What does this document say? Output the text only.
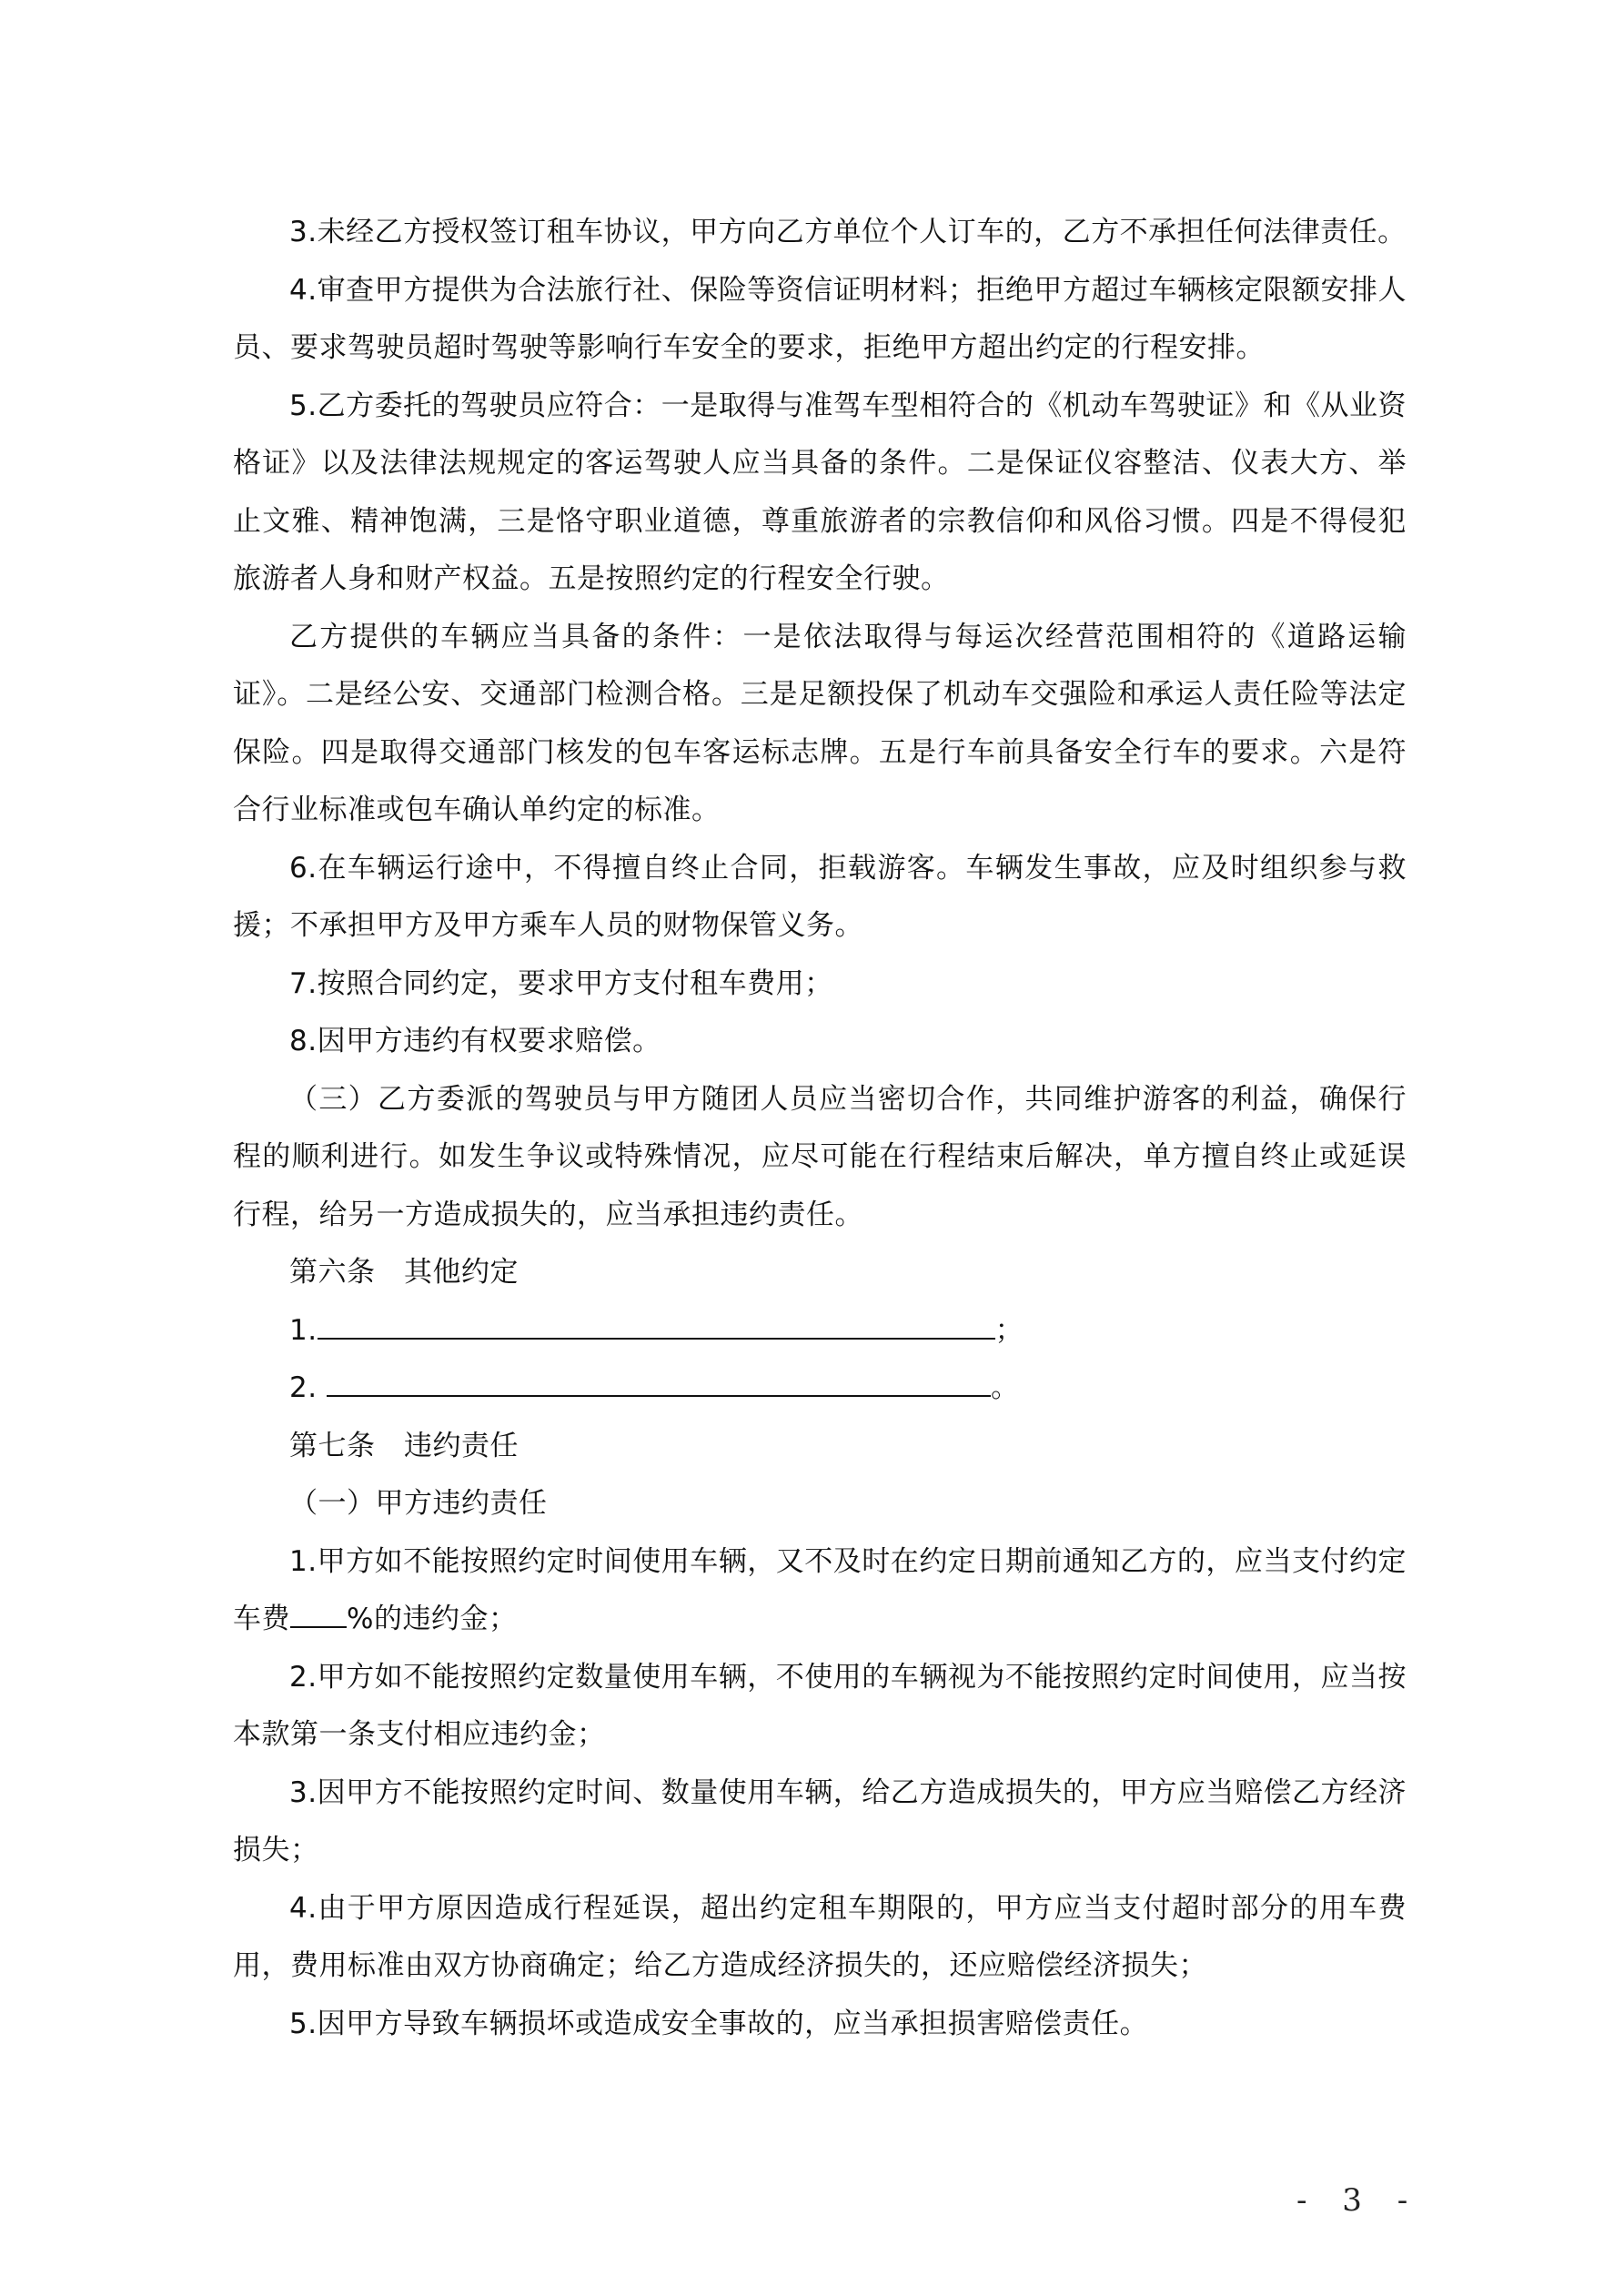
3.未经乙方授权签订租车协议，甲方向乙方单位个人订车的，乙方不承担任何法律责任。

4.审查甲方提供为合法旅行社、保险等资信证明材料；拒绝甲方超过车辆核定限额安排人员、要求驾驶员超时驾驶等影响行车安全的要求，拒绝甲方超出约定的行程安排。

5.乙方委托的驾驶员应符合：一是取得与准驾车型相符合的《机动车驾驶证》和《从业资格证》以及法律法规规定的客运驾驶人应当具备的条件。二是保证仪容整洁、仪表大方、举止文雅、精神饱满，三是恪守职业道德，尊重旅游者的宗教信仰和风俗习惯。四是不得侵犯旅游者人身和财产权益。五是按照约定的行程安全行驶。

乙方提供的车辆应当具备的条件：一是依法取得与每运次经营范围相符的《道路运输证》。二是经公安、交通部门检测合格。三是足额投保了机动车交强险和承运人责任险等法定保险。四是取得交通部门核发的包车客运标志牌。五是行车前具备安全行车的要求。六是符合行业标准或包车确认单约定的标准。

6.在车辆运行途中，不得擅自终止合同，拒载游客。车辆发生事故，应及时组织参与救援；不承担甲方及甲方乘车人员的财物保管义务。

7.按照合同约定，要求甲方支付租车费用；

8.因甲方违约有权要求赔偿。

（三）乙方委派的驾驶员与甲方随团人员应当密切合作，共同维护游客的利益，确保行程的顺利进行。如发生争议或特殊情况，应尽可能在行程结束后解决，单方擅自终止或延误行程，给另一方造成损失的，应当承担违约责任。

第六条　其他约定

1.	；

2.	。

第七条　违约责任

（一）甲方违约责任

1.甲方如不能按照约定时间使用车辆，又不及时在约定日期前通知乙方的，应当支付约定车费 %的违约金；

2.甲方如不能按照约定数量使用车辆，不使用的车辆视为不能按照约定时间使用，应当按本款第一条支付相应违约金；

3.因甲方不能按照约定时间、数量使用车辆，给乙方造成损失的，甲方应当赔偿乙方经济损失；

4.由于甲方原因造成行程延误，超出约定租车期限的，甲方应当支付超时部分的用车费用，费用标准由双方协商确定；给乙方造成经济损失的，还应赔偿经济损失；

5.因甲方导致车辆损坏或造成安全事故的，应当承担损害赔偿责任。

- 3 -
